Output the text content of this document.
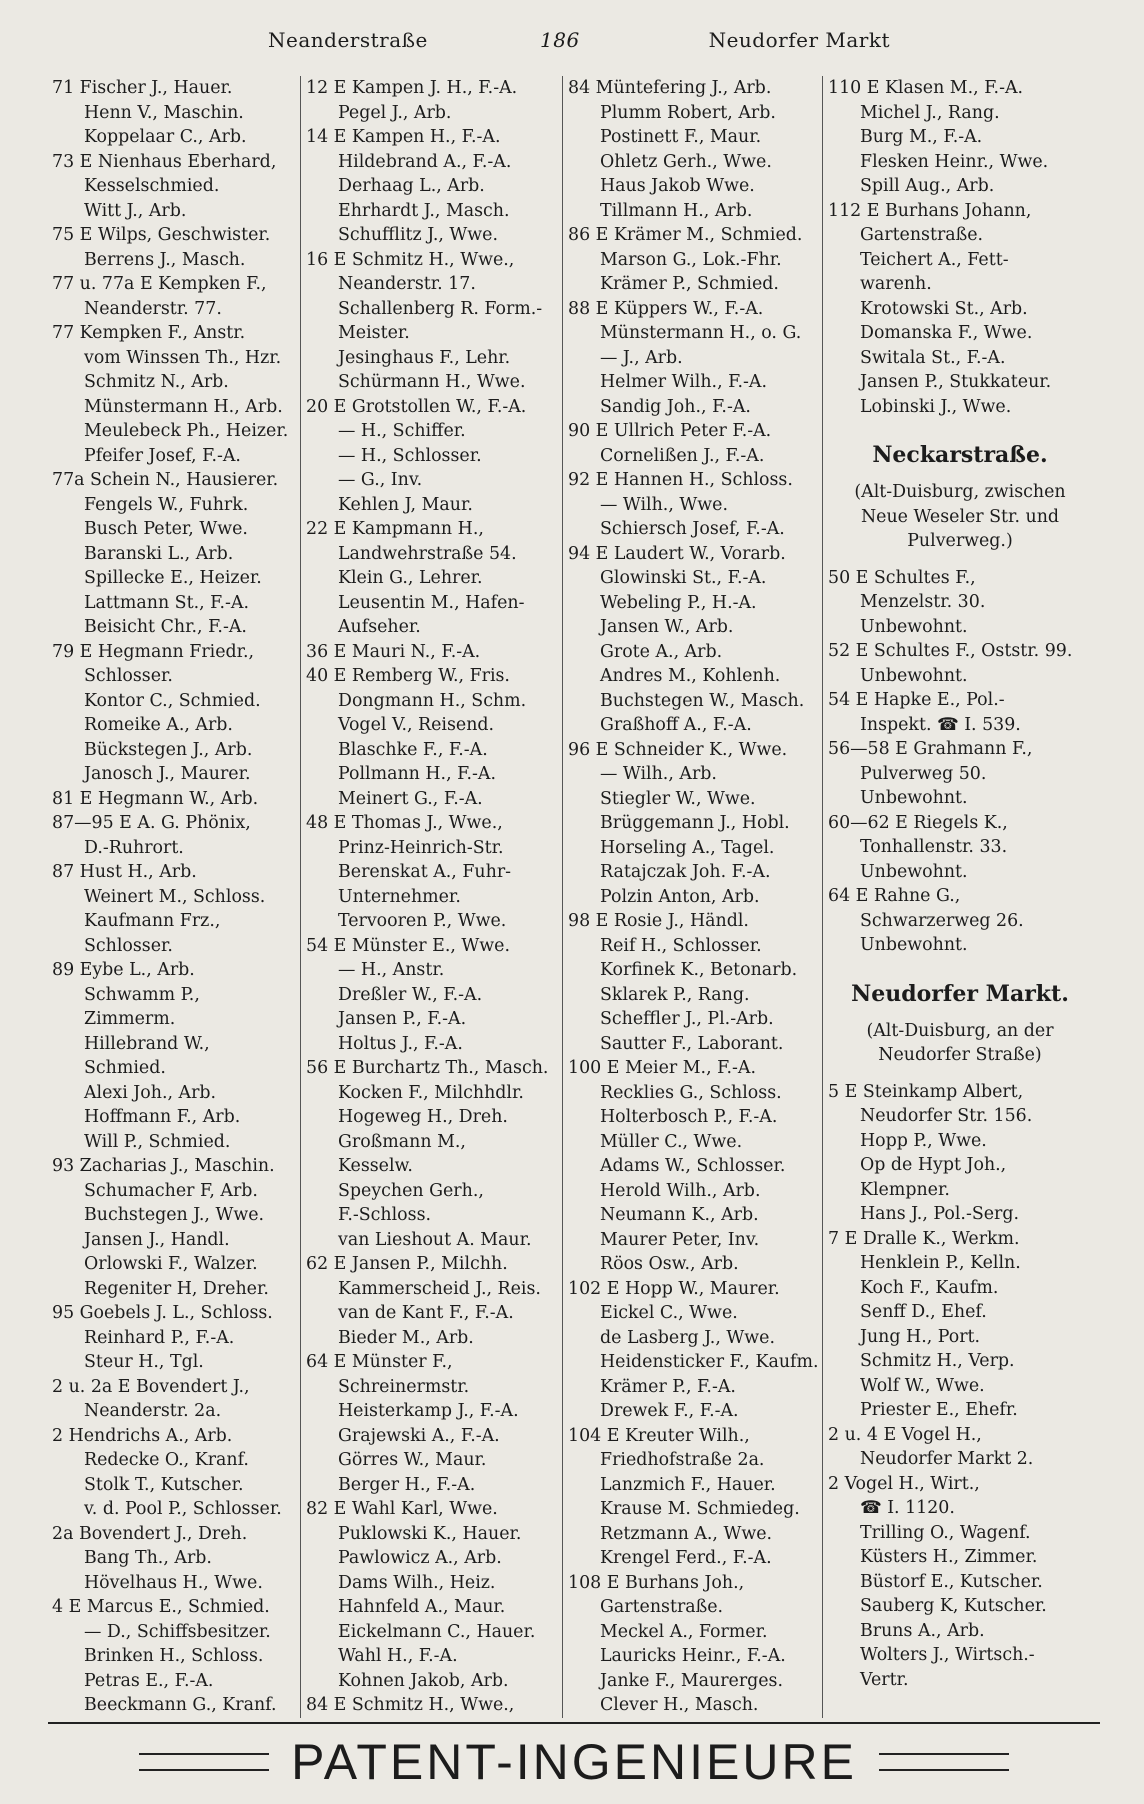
Neanderstraße	186	Neudorfer Markt
71 Fischer J., Hauer.
Henn V., Maschin.
Koppelaar C., Arb.
73 E Nienhaus Eberhard,
Kesselschmied.
Witt J., Arb.
75 E Wilps, Geschwister.
Berrens J., Masch.
77 u. 77a E Kempken F.,
Neanderstr. 77.
77 Kempken F., Anstr.
vom Winssen Th., Hzr.
Schmitz N., Arb.
Münstermann H., Arb.
Meulebeck Ph., Heizer.
Pfeifer Josef, F.-A.
77a Schein N., Hausierer.
Fengels W., Fuhrk.
Busch Peter, Wwe.
Baranski L., Arb.
Spillecke E., Heizer.
Lattmann St., F.-A.
Beisicht Chr., F.-A.
79 E Hegmann Friedr.,
Schlosser.
Kontor C., Schmied.
Romeike A., Arb.
Bückstegen J., Arb.
Janosch J., Maurer.
81 E Hegmann W., Arb.
87—95 E A. G. Phönix,
D.-Ruhrort.
87 Hust H., Arb.
Weinert M., Schloss.
Kaufmann Frz.,
Schlosser.
89 Eybe L., Arb.
Schwamm P.,
Zimmerm.
Hillebrand W.,
Schmied.
Alexi Joh., Arb.
Hoffmann F., Arb.
Will P., Schmied.
93 Zacharias J., Maschin.
Schumacher F, Arb.
Buchstegen J., Wwe.
Jansen J., Handl.
Orlowski F., Walzer.
Regeniter H, Dreher.
95 Goebels J. L., Schloss.
Reinhard P., F.-A.
Steur H., Tgl.
2 u. 2a E Bovendert J.,
Neanderstr. 2a.
2 Hendrichs A., Arb.
Redecke O., Kranf.
Stolk T., Kutscher.
v. d. Pool P., Schlosser.
2a Bovendert J., Dreh.
Bang Th., Arb.
Hövelhaus H., Wwe.
4 E Marcus E., Schmied.
— D., Schiffsbesitzer.
Brinken H., Schloss.
Petras E., F.-A.
Beeckmann G., Kranf.
12 E Kampen J. H., F.-A.
Pegel J., Arb.
14 E Kampen H., F.-A.
Hildebrand A., F.-A.
Derhaag L., Arb.
Ehrhardt J., Masch.
Schufflitz J., Wwe.
16 E Schmitz H., Wwe.,
Neanderstr. 17.
Schallenberg R. Form.-
Meister.
Jesinghaus F., Lehr.
Schürmann H., Wwe.
20 E Grotstollen W., F.-A.
— H., Schiffer.
— H., Schlosser.
— G., Inv.
Kehlen J, Maur.
22 E Kampmann H.,
Landwehrstraße 54.
Klein G., Lehrer.
Leusentin M., Hafen-
Aufseher.
36 E Mauri N., F.-A.
40 E Remberg W., Fris.
Dongmann H., Schm.
Vogel V., Reisend.
Blaschke F., F.-A.
Pollmann H., F.-A.
Meinert G., F.-A.
48 E Thomas J., Wwe.,
Prinz-Heinrich-Str.
Berenskat A., Fuhr-
Unternehmer.
Tervooren P., Wwe.
54 E Münster E., Wwe.
— H., Anstr.
Dreßler W., F.-A.
Jansen P., F.-A.
Holtus J., F.-A.
56 E Burchartz Th., Masch.
Kocken F., Milchhdlr.
Hogeweg H., Dreh.
Großmann M.,
Kesselw.
Speychen Gerh.,
F.-Schloss.
van Lieshout A. Maur.
62 E Jansen P., Milchh.
Kammerscheid J., Reis.
van de Kant F., F.-A.
Bieder M., Arb.
64 E Münster F.,
Schreinermstr.
Heisterkamp J., F.-A.
Grajewski A., F.-A.
Görres W., Maur.
Berger H., F.-A.
82 E Wahl Karl, Wwe.
Puklowski K., Hauer.
Pawlowicz A., Arb.
Dams Wilh., Heiz.
Hahnfeld A., Maur.
Eickelmann C., Hauer.
Wahl H., F.-A.
Kohnen Jakob, Arb.
84 E Schmitz H., Wwe.,
84 Müntefering J., Arb.
Plumm Robert, Arb.
Postinett F., Maur.
Ohletz Gerh., Wwe.
Haus Jakob Wwe.
Tillmann H., Arb.
86 E Krämer M., Schmied.
Marson G., Lok.-Fhr.
Krämer P., Schmied.
88 E Küppers W., F.-A.
Münstermann H., o. G.
— J., Arb.
Helmer Wilh., F.-A.
Sandig Joh., F.-A.
90 E Ullrich Peter F.-A.
Cornelißen J., F.-A.
92 E Hannen H., Schloss.
— Wilh., Wwe.
Schiersch Josef, F.-A.
94 E Laudert W., Vorarb.
Glowinski St., F.-A.
Webeling P., H.-A.
Jansen W., Arb.
Grote A., Arb.
Andres M., Kohlenh.
Buchstegen W., Masch.
Graßhoff A., F.-A.
96 E Schneider K., Wwe.
— Wilh., Arb.
Stiegler W., Wwe.
Brüggemann J., Hobl.
Horseling A., Tagel.
Ratajczak Joh. F.-A.
Polzin Anton, Arb.
98 E Rosie J., Händl.
Reif H., Schlosser.
Korfinek K., Betonarb.
Sklarek P., Rang.
Scheffler J., Pl.-Arb.
Sautter F., Laborant.
100 E Meier M., F.-A.
Recklies G., Schloss.
Holterbosch P., F.-A.
Müller C., Wwe.
Adams W., Schlosser.
Herold Wilh., Arb.
Neumann K., Arb.
Maurer Peter, Inv.
Röos Osw., Arb.
102 E Hopp W., Maurer.
Eickel C., Wwe.
de Lasberg J., Wwe.
Heidensticker F., Kaufm.
Krämer P., F.-A.
Drewek F., F.-A.
104 E Kreuter Wilh.,
Friedhofstraße 2a.
Lanzmich F., Hauer.
Krause M. Schmiedeg.
Retzmann A., Wwe.
Krengel Ferd., F.-A.
108 E Burhans Joh.,
Gartenstraße.
Meckel A., Former.
Lauricks Heinr., F.-A.
Janke F., Maurerges.
Clever H., Masch.
110 E Klasen M., F.-A.
Michel J., Rang.
Burg M., F.-A.
Flesken Heinr., Wwe.
Spill Aug., Arb.
112 E Burhans Johann,
Gartenstraße.
Teichert A., Fett-
warenh.
Krotowski St., Arb.
Domanska F., Wwe.
Switala St., F.-A.
Jansen P., Stukkateur.
Lobinski J., Wwe.
Neckarstraße.
(Alt-Duisburg, zwischen
Neue Weseler Str. und
Pulverweg.)
50 E Schultes F.,
Menzelstr. 30.
Unbewohnt.
52 E Schultes F., Oststr. 99.
Unbewohnt.
54 E Hapke E., Pol.-
Inspekt. ☎ I. 539.
56—58 E Grahmann F.,
Pulverweg 50.
Unbewohnt.
60—62 E Riegels K.,
Tonhallenstr. 33.
Unbewohnt.
64 E Rahne G.,
Schwarzerweg 26.
Unbewohnt.
Neudorfer Markt.
(Alt-Duisburg, an der
Neudorfer Straße)
5 E Steinkamp Albert,
Neudorfer Str. 156.
Hopp P., Wwe.
Op de Hypt Joh.,
Klempner.
Hans J., Pol.-Serg.
7 E Dralle K., Werkm.
Henklein P., Kelln.
Koch F., Kaufm.
Senff D., Ehef.
Jung H., Port.
Schmitz H., Verp.
Wolf W., Wwe.
Priester E., Ehefr.
2 u. 4 E Vogel H.,
Neudorfer Markt 2.
2 Vogel H., Wirt.,
☎ I. 1120.
Trilling O., Wagenf.
Küsters H., Zimmer.
Büstorf E., Kutscher.
Sauberg K, Kutscher.
Bruns A., Arb.
Wolters J., Wirtsch.-
Vertr.
PATENT-INGENIEURE
